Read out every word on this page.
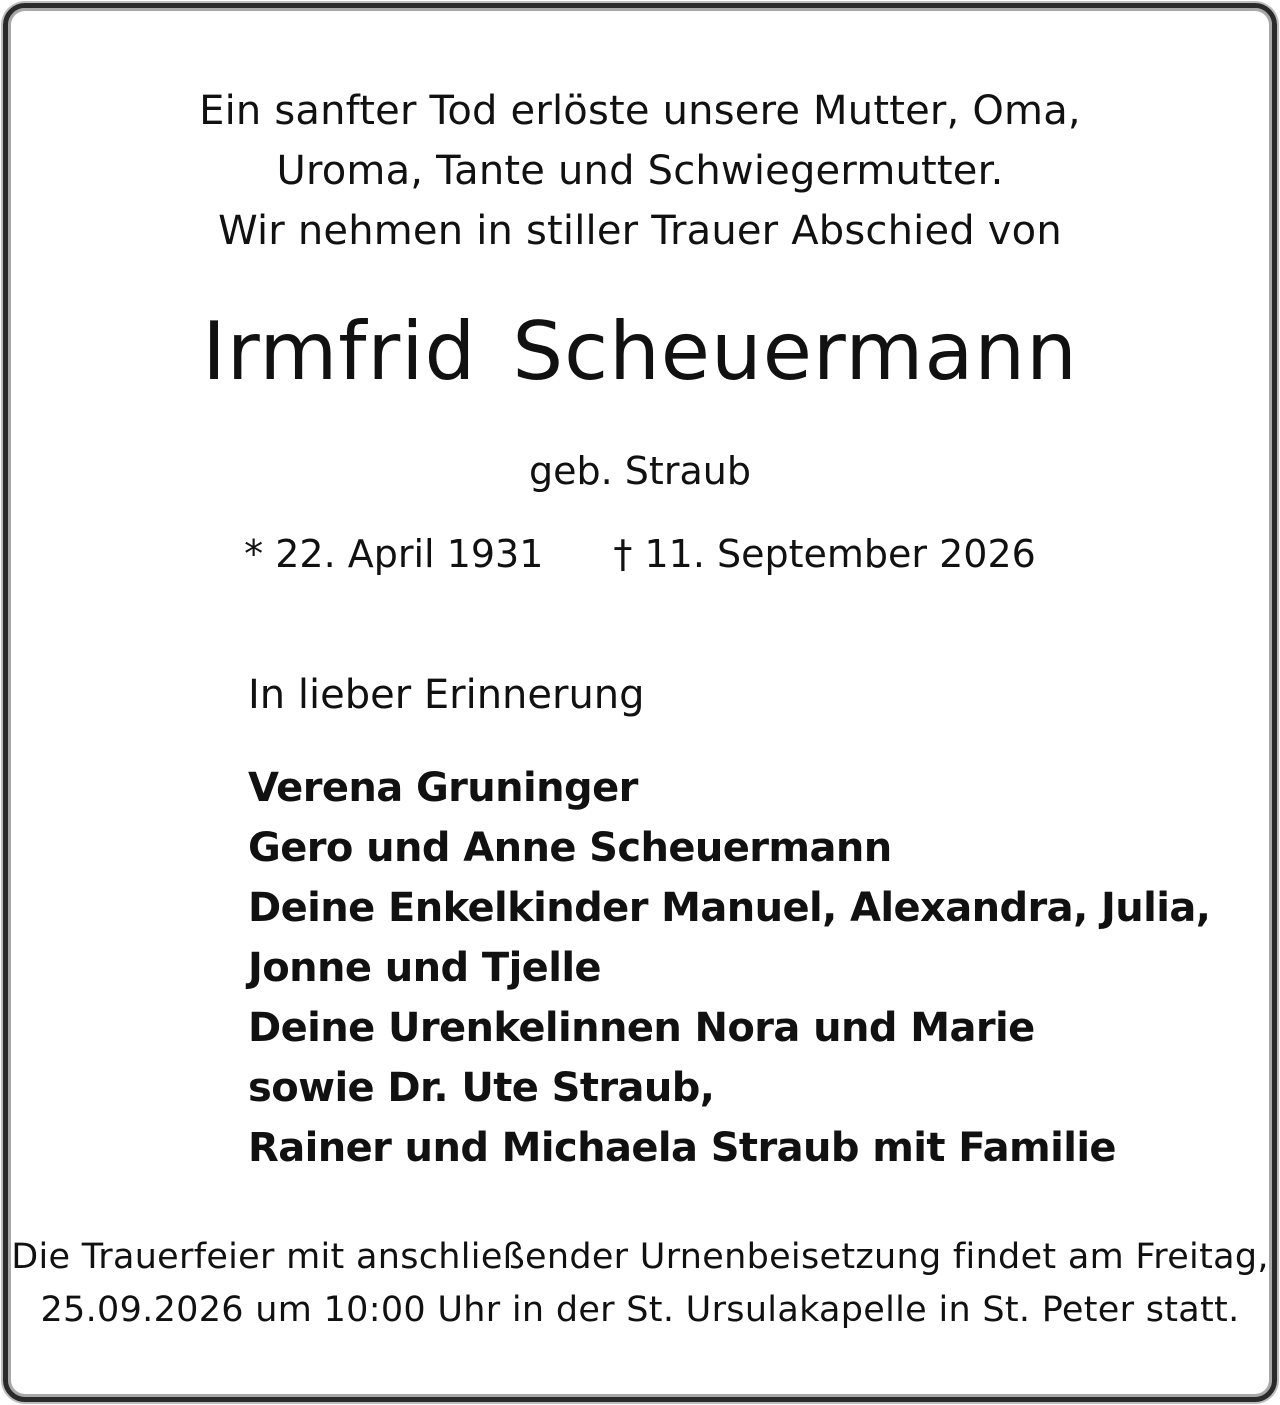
Ein sanfter Tod erlöste unsere Mutter, Oma,
Uroma, Tante und Schwiegermutter.
Wir nehmen in stiller Trauer Abschied von
Irmfrid Scheuermann
geb. Straub
* 22. April 1931 † 11. September 2026
In lieber Erinnerung
Verena Gruninger
Gero und Anne Scheuermann
Deine Enkelkinder Manuel, Alexandra, Julia,
Jonne und Tjelle
Deine Urenkelinnen Nora und Marie
sowie Dr. Ute Straub,
Rainer und Michaela Straub mit Familie
Die Trauerfeier mit anschließender Urnenbeisetzung findet am Freitag,
25.09.2026 um 10:00 Uhr in der St. Ursulakapelle in St. Peter statt.
